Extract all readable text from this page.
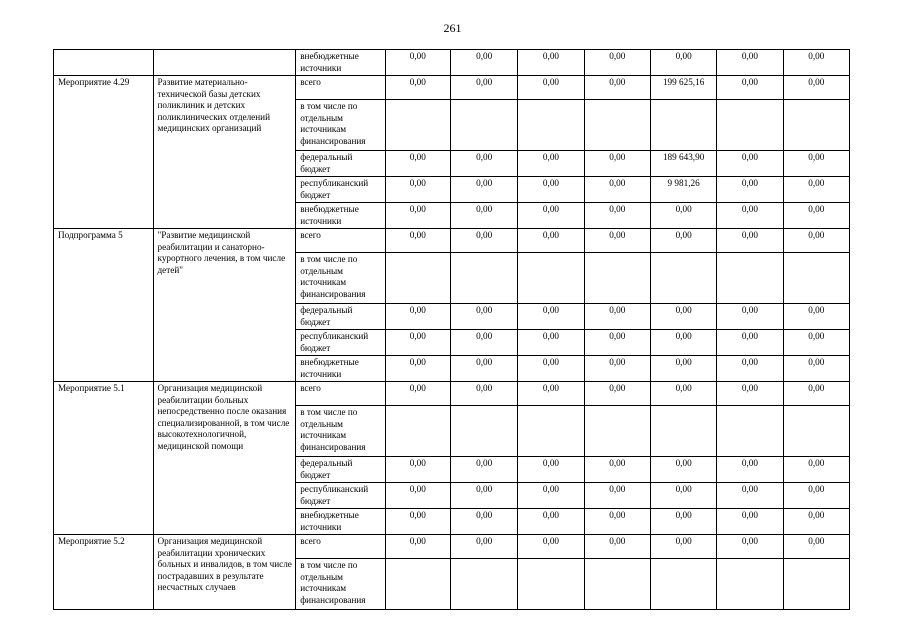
261
		внебюджетные источники	0,00	0,00	0,00	0,00	0,00	0,00	0,00
Мероприятие 4.29	Развитие материально-технической базы детских поликлиник и детских поликлинических отделений медицинских организаций	всего	0,00	0,00	0,00	0,00	199 625,16	0,00	0,00
		в том числе по отдельным источникам финансирования							
		федеральный бюджет	0,00	0,00	0,00	0,00	189 643,90	0,00	0,00
		республиканский бюджет	0,00	0,00	0,00	0,00	9 981,26	0,00	0,00
		внебюджетные источники	0,00	0,00	0,00	0,00	0,00	0,00	0,00
Подпрограмма 5	"Развитие медицинской реабилитации и санаторно-курортного лечения, в том числе детей"	всего	0,00	0,00	0,00	0,00	0,00	0,00	0,00
		в том числе по отдельным источникам финансирования							
		федеральный бюджет	0,00	0,00	0,00	0,00	0,00	0,00	0,00
		республиканский бюджет	0,00	0,00	0,00	0,00	0,00	0,00	0,00
		внебюджетные источники	0,00	0,00	0,00	0,00	0,00	0,00	0,00
Мероприятие 5.1	Организация медицинской реабилитации больных непосредственно после оказания специализированной, в том числе высокотехнологичной, медицинской помощи	всего	0,00	0,00	0,00	0,00	0,00	0,00	0,00
		в том числе по отдельным источникам финансирования							
		федеральный бюджет	0,00	0,00	0,00	0,00	0,00	0,00	0,00
		республиканский бюджет	0,00	0,00	0,00	0,00	0,00	0,00	0,00
		внебюджетные источники	0,00	0,00	0,00	0,00	0,00	0,00	0,00
Мероприятие 5.2	Организация медицинской реабилитации хронических больных и инвалидов, в том числе пострадавших в результате несчастных случаев	всего	0,00	0,00	0,00	0,00	0,00	0,00	0,00
		в том числе по отдельным источникам финансирования							
